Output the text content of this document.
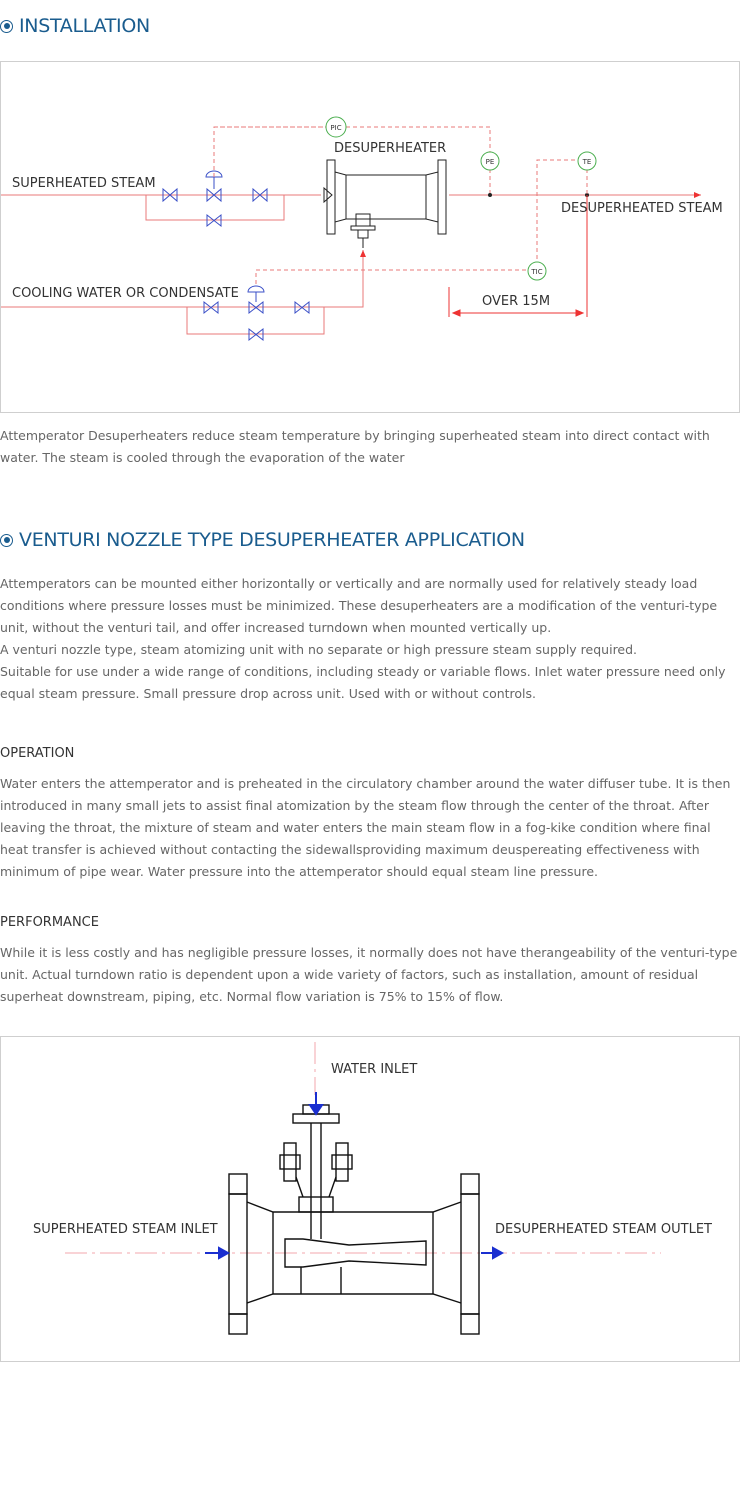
INSTALLATION
PIC
PE	TE
TIC
SUPERHEATED STEAM
DESUPERHEATER
DESUPERHEATED STEAM
COOLING WATER OR CONDENSATE
OVER 15M

Attemperator Desuperheaters reduce steam temperature by bringing superheated steam into direct contact with water. The steam is cooled through the evaporation of the water

VENTURI NOZZLE TYPE DESUPERHEATER APPLICATION

Attemperators can be mounted either horizontally or vertically and are normally used for relatively steady load conditions where pressure losses must be minimized. These desuperheaters are a modification of the venturi-type unit, without the venturi tail, and offer increased turndown when mounted vertically up.

A venturi nozzle type, steam atomizing unit with no separate or high pressure steam supply required.

Suitable for use under a wide range of conditions, including steady or variable flows. Inlet water pressure need only equal steam pressure. Small pressure drop across unit. Used with or without controls.

OPERATION

Water enters the attemperator and is preheated in the circulatory chamber around the water diffuser tube. It is then introduced in many small jets to assist final atomization by the steam flow through the center of the throat. After leaving the throat, the mixture of steam and water enters the main steam flow in a fog-kike condition where final heat transfer is achieved without contacting the sidewallsproviding maximum deuspereating effectiveness with minimum of pipe wear. Water pressure into the attemperator should equal steam line pressure.

PERFORMANCE

While it is less costly and has negligible pressure losses, it normally does not have therangeability of the venturi-type unit. Actual turndown ratio is dependent upon a wide variety of factors, such as installation, amount of residual superheat downstream, piping, etc. Normal flow variation is 75% to 15% of flow.

WATER INLET
SUPERHEATED STEAM INLET	DESUPERHEATED STEAM OUTLET
